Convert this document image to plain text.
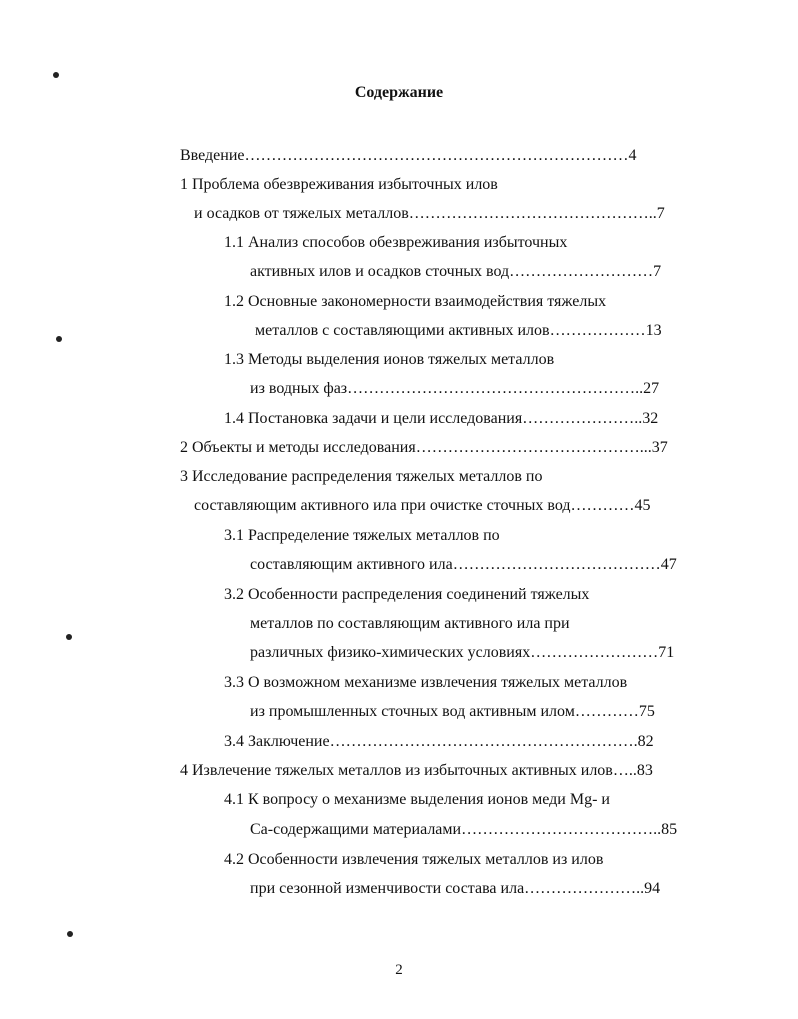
Содержание
Введение………………………………………………………………4
1 Проблема обезвреживания избыточных илов
и осадков от тяжелых металлов………………………………………..7
1.1 Анализ способов обезвреживания избыточных
активных илов и осадков сточных вод………………………7
1.2 Основные закономерности взаимодействия тяжелых
металлов с составляющими активных илов………………13
1.3 Методы выделения ионов тяжелых металлов
из водных фаз………………………………………………..27
1.4 Постановка задачи и цели исследования…………………..32
2 Объекты и методы исследования……………………………………...37
3 Исследование распределения тяжелых металлов по
составляющим активного ила при очистке сточных вод…………45
3.1 Распределение тяжелых металлов по
составляющим активного ила…………………………………47
3.2 Особенности распределения соединений тяжелых
металлов по составляющим активного ила при
различных физико-химических условиях……………………71
3.3 О возможном механизме извлечения тяжелых металлов
из промышленных сточных вод активным илом…………75
3.4 Заключение………………………………………………….82
4 Извлечение тяжелых металлов из избыточных активных илов…..83
4.1 К вопросу о механизме выделения ионов меди Mg- и
Са-содержащими материалами………………………………..85
4.2 Особенности извлечения тяжелых металлов из илов
при сезонной изменчивости состава ила…………………..94
2
